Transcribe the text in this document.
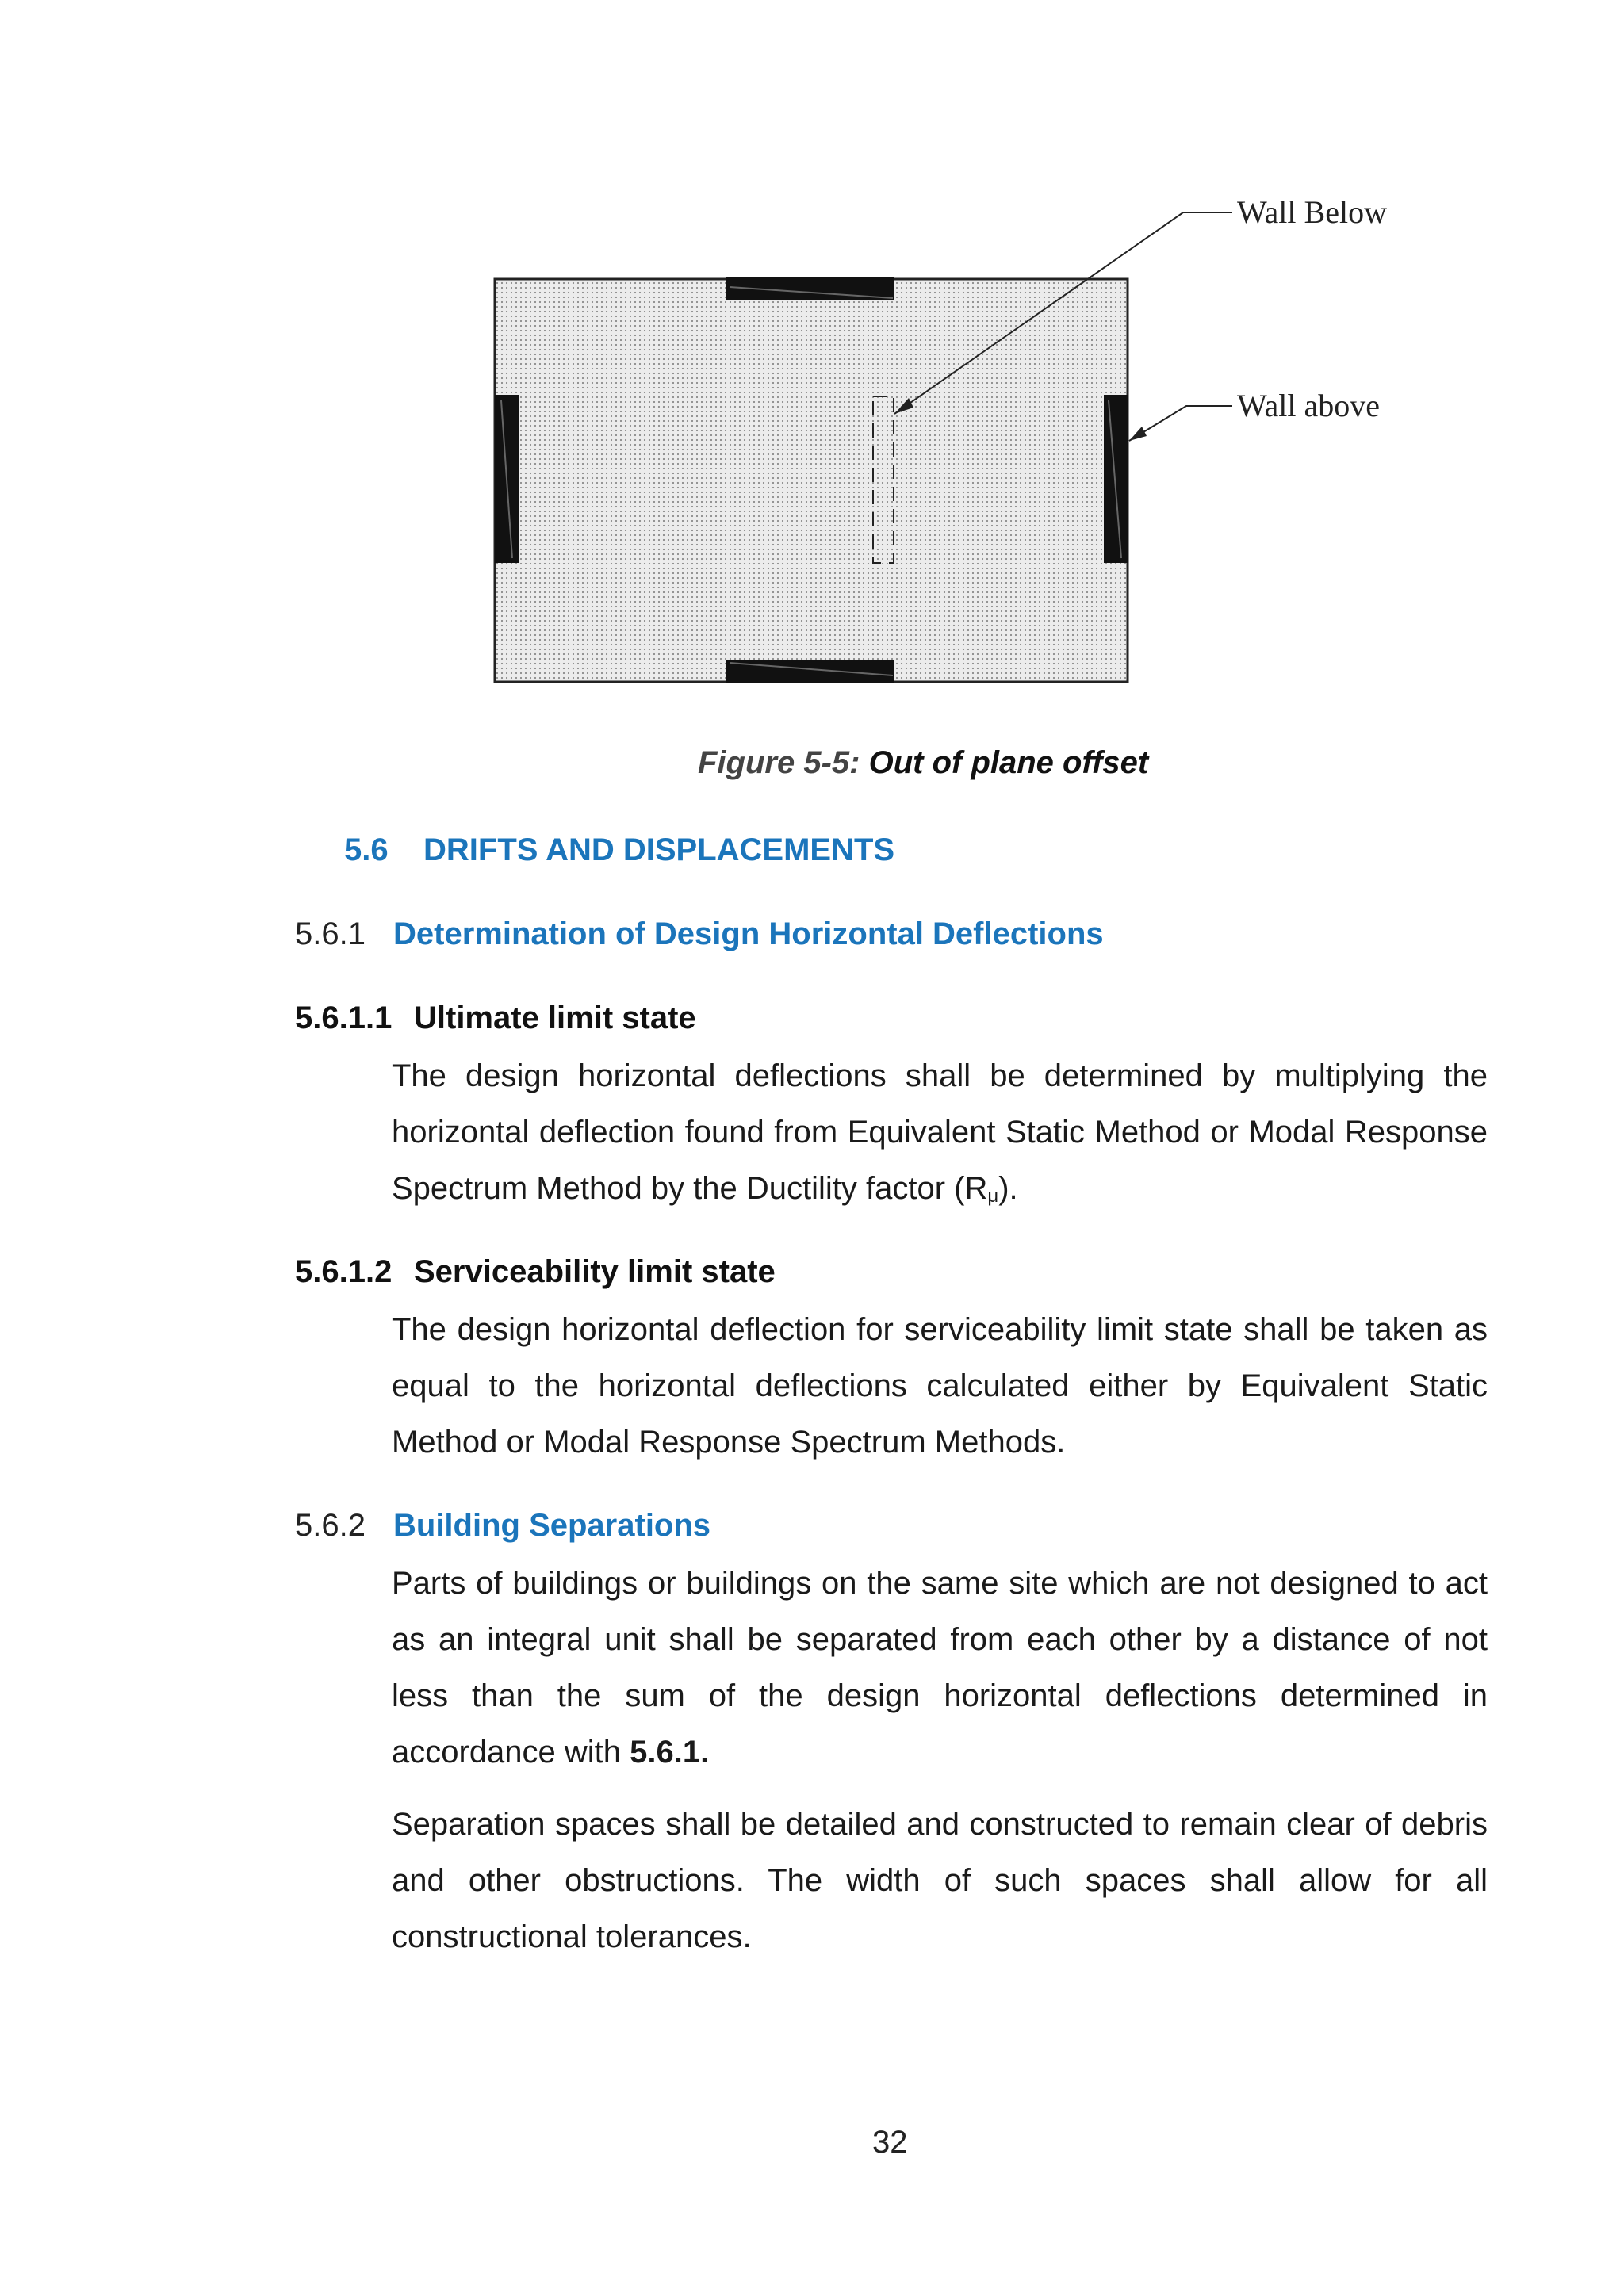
Wall Below
Wall above
Figure 5-5: Out of plane offset
5.6 DRIFTS AND DISPLACEMENTS
5.6.1 Determination of Design Horizontal Deflections
5.6.1.1 Ultimate limit state

The design horizontal deflections shall be determined by multiplying the horizontal deflection found from Equivalent Static Method or Modal Response Spectrum Method by the Ductility factor $(R_\mu)$.

5.6.1.2 Serviceability limit state

The design horizontal deflection for serviceability limit state shall be taken as equal to the horizontal deflections calculated either by Equivalent Static Method or Modal Response Spectrum Methods.

5.6.2 Building Separations

Parts of buildings or buildings on the same site which are not designed to act as an integral unit shall be separated from each other by a distance of not less than the sum of the design horizontal deflections determined in accordance with 5.6.1.

Separation spaces shall be detailed and constructed to remain clear of debris and other obstructions. The width of such spaces shall allow for all constructional tolerances.

32
